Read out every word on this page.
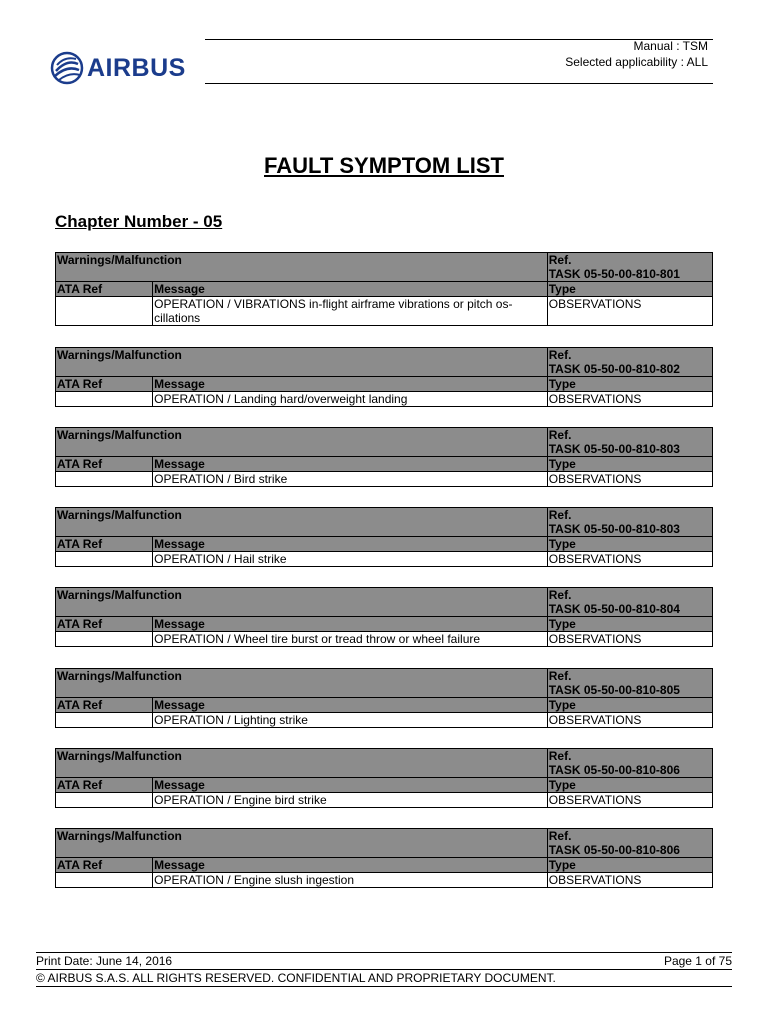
AIRBUS
Manual : TSM
Selected applicability : ALL
FAULT SYMPTOM LIST
Chapter Number - 05
Warnings/Malfunction		Ref.
TASK 05-50-00-810-801

ATA Ref	Message	Type
	OPERATION / VIBRATIONS in-flight airframe vibrations or pitch os-cillations	OBSERVATIONS
Warnings/Malfunction		Ref.
TASK 05-50-00-810-802

ATA Ref	Message	Type
	OPERATION / Landing hard/overweight landing	OBSERVATIONS
Warnings/Malfunction		Ref.
TASK 05-50-00-810-803

ATA Ref	Message	Type
	OPERATION / Bird strike	OBSERVATIONS
Warnings/Malfunction		Ref.
TASK 05-50-00-810-803

ATA Ref	Message	Type
	OPERATION / Hail strike	OBSERVATIONS
Warnings/Malfunction		Ref.
TASK 05-50-00-810-804

ATA Ref	Message	Type
	OPERATION / Wheel tire burst or tread throw or wheel failure	OBSERVATIONS
Warnings/Malfunction		Ref.
TASK 05-50-00-810-805

ATA Ref	Message	Type
	OPERATION / Lighting strike	OBSERVATIONS
Warnings/Malfunction		Ref.
TASK 05-50-00-810-806

ATA Ref	Message	Type
	OPERATION / Engine bird strike	OBSERVATIONS
Warnings/Malfunction		Ref.
TASK 05-50-00-810-806

ATA Ref	Message	Type
	OPERATION / Engine slush ingestion	OBSERVATIONS
Print Date: June 14, 2016	Page 1 of 75
© AIRBUS S.A.S. ALL RIGHTS RESERVED. CONFIDENTIAL AND PROPRIETARY DOCUMENT.
